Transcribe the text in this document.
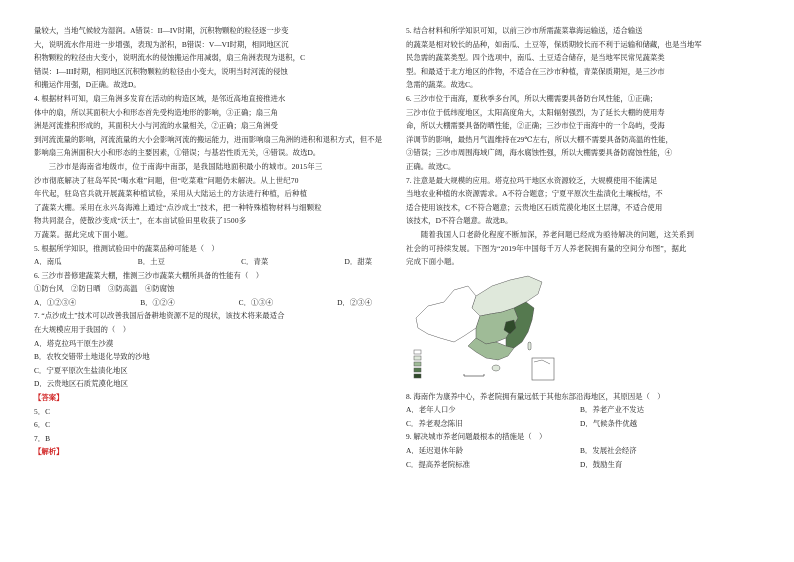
量较大，当地气候较为湿润。A错误：II—IV时期，沉积物颗粒的粒径逐一步变

大，说明流水作用进一步增强，表现为淤积，B错误：V—VI时期，相同地区沉

积物颗粒的粒径由大变小，说明流水的侵蚀搬运作用减弱，扇三角洲表现为退积，C

错误：I—III时期，相同地区沉积物颗粒的粒径由小变大，说明当时河流的侵蚀

和搬运作用强，D正确。故选D。

4. 根据材料可知，扇三角洲多发育在活动的构造区域，是邻近高地直接推进水

体中的扇，所以其面积大小和形态首先受构造地形的影响，③正确；扇三角

洲是河流推积形成的，其面积大小与河流的水量相关，②正确；扇三角洲受

到河流流量的影响，河流流量的大小会影响河流的搬运能力，进而影响扇三角洲的进积和退积方式，但不是影响扇三角洲面积大小和形态的主要因素，①错误；与基岩性质无关，④错误。故选D。

三沙市是海南省地级市，位于南海中南部，是我国陆地面积最小的城市。2015年三

沙市彻底解决了驻岛军民“喝水难”问题，但“吃菜难”问题仍未解决。从上世纪70

年代起，驻岛官兵就开展蔬菜种植试验，采用从大陆运土的方法进行种植，后种植

了蔬菜大棚。采用在永兴岛海滩上通过“点沙成土”技术，把一种特殊植物材料与细颗粒

物共同混合，使散沙变成“沃土”，在本亩试验田里收获了1500多

万蔬菜。据此完成下面小题。

5. 根据所学知识，推测试验田中的蔬菜品种可能是（　）

A．南瓜	B．土豆	C．青菜	D．甜菜

6. 三沙市普修建蔬菜大棚，推测三沙市蔬菜大棚所具备的性能有（　）

①防台风　②防日晒　③防高温　④防腐蚀

A．①②③④	B．①②④	C．①③④	D．②③④

7. “点沙成土”技术可以改善我国后备耕地资源不足的现状，该技术将来最适合

在大规模应用于我国的（　）

A．塔克拉玛干原生沙漠

B．农牧交错带土地退化导致的沙地

C．宁夏平原次生盐渍化地区

D．云贵地区石质荒漠化地区

【答案】

5．C

6．C

7．B

【解析】

5. 结合材料和所学知识可知，以前三沙市所需蔬菜靠海运输送，适合输送

的蔬菜是相对较长的品种，如南瓜、土豆等，保质期较长而不利于运输和储藏，也是当地军

民急需的蔬菜类型。四个选项中，南瓜、土豆适合储存，是当地军民常见蔬菜类

型。和最适于北方地区的作物，不适合在三沙市种植，青菜保质期短，是三沙市

急需的蔬菜。故选C。

6. 三沙市位于南海，夏秋季多台风，所以大棚需要具备防台风性能，①正确；

三沙市位于低纬度地区，太阳高度角大，太阳辐射强烈，为了延长大棚的使用寿

命，所以大棚需要具备防晒性能，②正确；三沙市位于南海中的一个岛屿，受海

洋调节的影响，最热月气温维持在29℃左右，所以大棚不需要具备防高温的性能，

③错误；三沙市周围海域广阔，海水腐蚀性强，所以大棚需要具备防腐蚀性能，④

正确。故选C。

7. 注意是最大规模的应用。塔克拉玛干地区水资源较乏，大规模使用不能满足

当地农业种植的水资源需求。A不符合题意；宁夏平原次生盐渍化土壤板结，不

适合使用该技术，C不符合题意；云贵地区石质荒漠化地区土层薄，不适合使用

该技术，D不符合题意。故选B。

随着我国人口老龄化程度不断加深，养老问题已经成为亟待解决的问题，这关系到

社会的可持续发展。下图为“2019年中国每千万人养老院拥有量的空间分布图”，据此

完成下面小题。

8. 海南作为康养中心，养老院拥有量远低于其他东部沿海地区，其原因是（　）

A．老年人口少	B．养老产业不发达
C．养老观念陈旧	D．气候条件优越

9. 解决城市养老问题最根本的措施是（　）

A．延迟退休年龄	B．发展社会经济
C．提高养老院标准	D．鼓励生育
